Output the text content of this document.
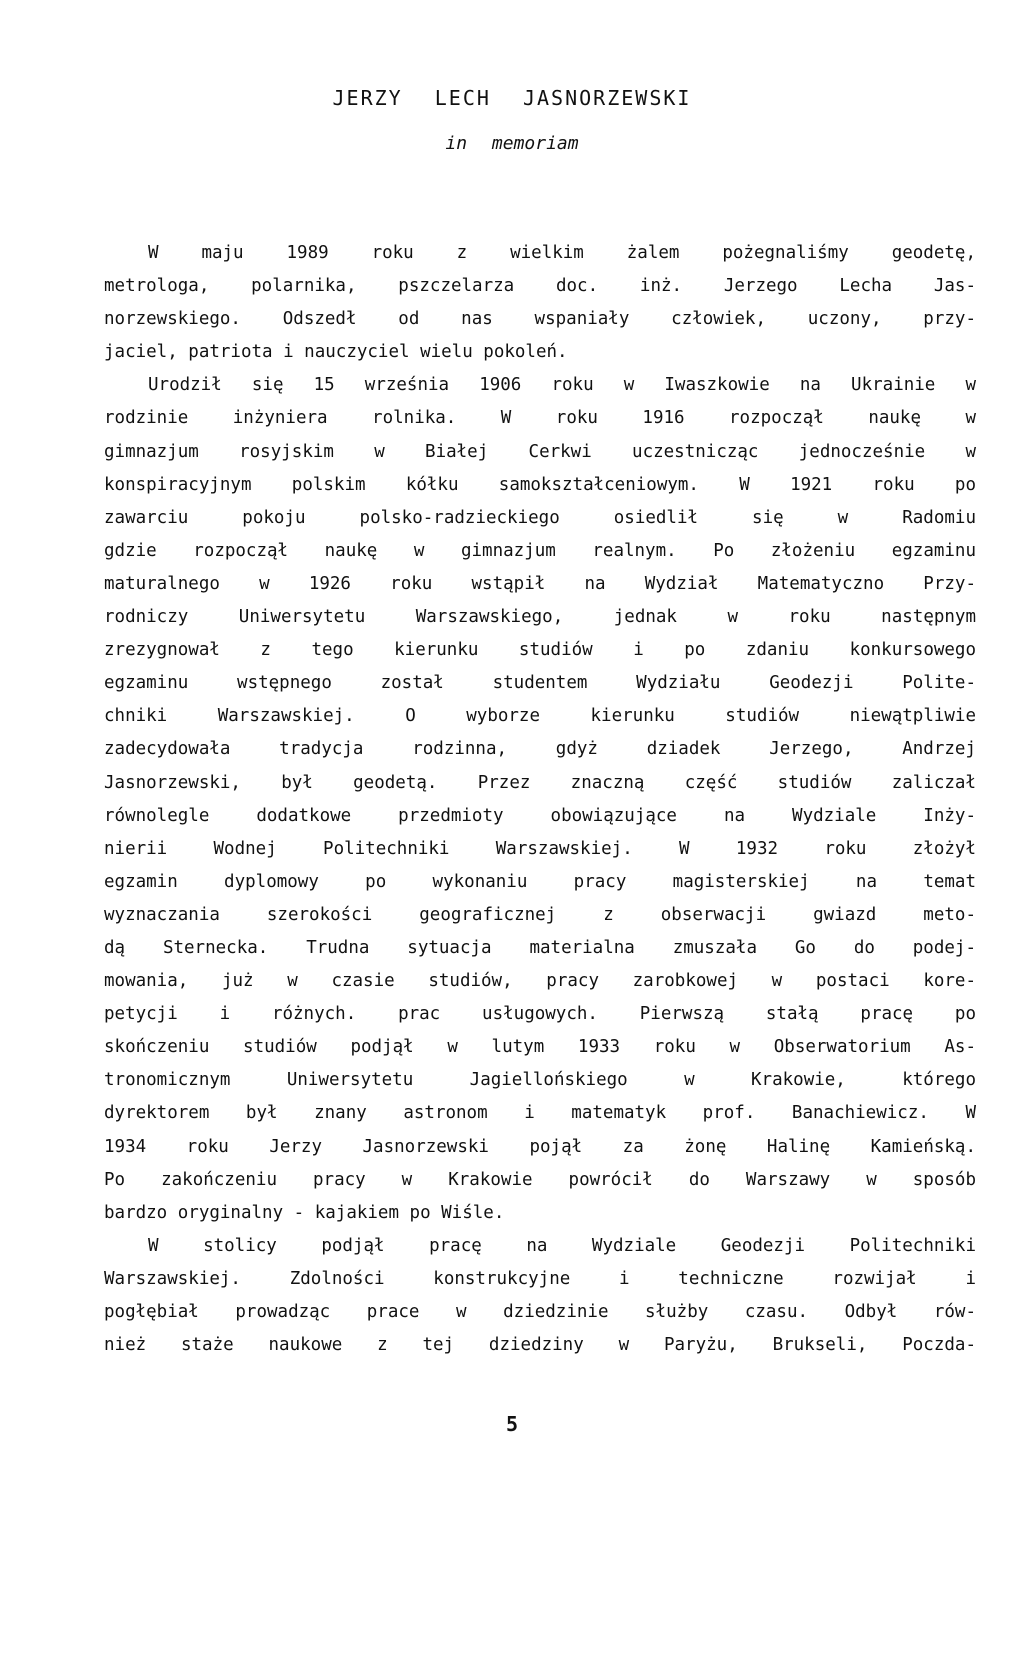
JERZY LECH JASNORZEWSKI
in memoriam
W maju 1989 roku z wielkim żalem pożegnaliśmy geodetę,
metrologa, polarnika, pszczelarza doc. inż. Jerzego Lecha Jas-
norzewskiego. Odszedł od nas wspaniały człowiek, uczony, przy-
jaciel, patriota i nauczyciel wielu pokoleń.
Urodził się 15 września 1906 roku w Iwaszkowie na Ukrainie w
rodzinie inżyniera rolnika. W roku 1916 rozpoczął naukę w
gimnazjum rosyjskim w Białej Cerkwi uczestnicząc jednocześnie w
konspiracyjnym polskim kółku samokształceniowym. W 1921 roku po
zawarciu pokoju polsko-radzieckiego osiedlił się w Radomiu
gdzie rozpoczął naukę w gimnazjum realnym. Po złożeniu egzaminu
maturalnego w 1926 roku wstąpił na Wydział Matematyczno Przy-
rodniczy Uniwersytetu Warszawskiego, jednak w roku następnym
zrezygnował z tego kierunku studiów i po zdaniu konkursowego
egzaminu wstępnego został studentem Wydziału Geodezji Polite-
chniki Warszawskiej. O wyborze kierunku studiów niewątpliwie
zadecydowała tradycja rodzinna, gdyż dziadek Jerzego, Andrzej
Jasnorzewski, był geodetą. Przez znaczną część studiów zaliczał
równolegle dodatkowe przedmioty obowiązujące na Wydziale Inży-
nierii Wodnej Politechniki Warszawskiej. W 1932 roku złożył
egzamin dyplomowy po wykonaniu pracy magisterskiej na temat
wyznaczania szerokości geograficznej z obserwacji gwiazd meto-
dą Sternecka. Trudna sytuacja materialna zmuszała Go do podej-
mowania, już w czasie studiów, pracy zarobkowej w postaci kore-
petycji i różnych. prac usługowych. Pierwszą stałą pracę po
skończeniu studiów podjął w lutym 1933 roku w Obserwatorium As-
tronomicznym Uniwersytetu Jagiellońskiego w Krakowie, którego
dyrektorem był znany astronom i matematyk prof. Banachiewicz. W
1934 roku Jerzy Jasnorzewski pojął za żonę Halinę Kamieńską.
Po zakończeniu pracy w Krakowie powrócił do Warszawy w sposób
bardzo oryginalny - kajakiem po Wiśle.
W stolicy podjął pracę na Wydziale Geodezji Politechniki
Warszawskiej. Zdolności konstrukcyjne i techniczne rozwijał i
pogłębiał prowadząc prace w dziedzinie służby czasu. Odbył rów-
nież staże naukowe z tej dziedziny w Paryżu, Brukseli, Poczda-
5
